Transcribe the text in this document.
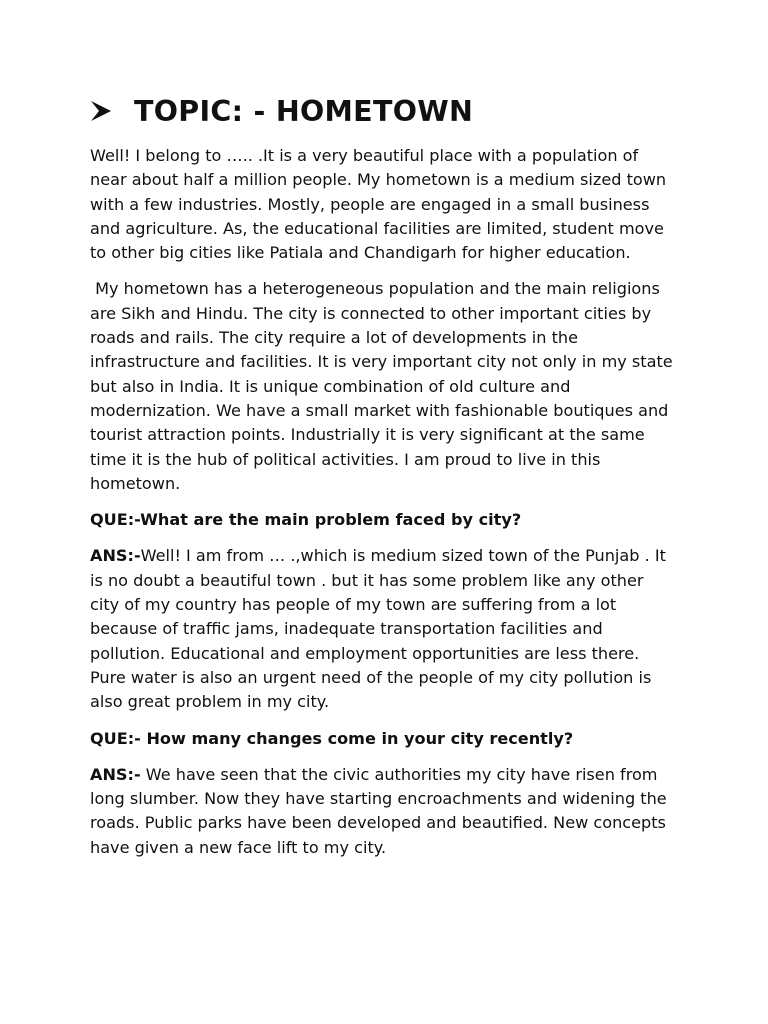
TOPIC: - HOMETOWN

Well! I belong to ….. .It is a very beautiful place with a population of near about half a million people. My hometown is a medium sized town with a few industries. Mostly, people are engaged in a small business and agriculture. As, the educational facilities are limited, student move to other big cities like Patiala and Chandigarh for higher education.

My hometown has a heterogeneous population and the main religions are Sikh and Hindu. The city is connected to other important cities by roads and rails. The city require a lot of developments in the infrastructure and facilities. It is very important city not only in my state but also in India. It is unique combination of old culture and modernization. We have a small market with fashionable boutiques and tourist attraction points. Industrially it is very significant at the same time it is the hub of political activities. I am proud to live in this hometown.

QUE:-What are the main problem faced by city?

ANS:-Well! I am from … .,which is medium sized town of the Punjab . It is no doubt a beautiful town . but it has some problem like any other city of my country has people of my town are suffering from a lot because of traffic jams, inadequate transportation facilities and pollution. Educational and employment opportunities are less there. Pure water is also an urgent need of the people of my city pollution is also great problem in my city.

QUE:- How many changes come in your city recently?

ANS:- We have seen that the civic authorities my city have risen from long slumber. Now they have starting encroachments and widening the roads. Public parks have been developed and beautified. New concepts have given a new face lift to my city.
